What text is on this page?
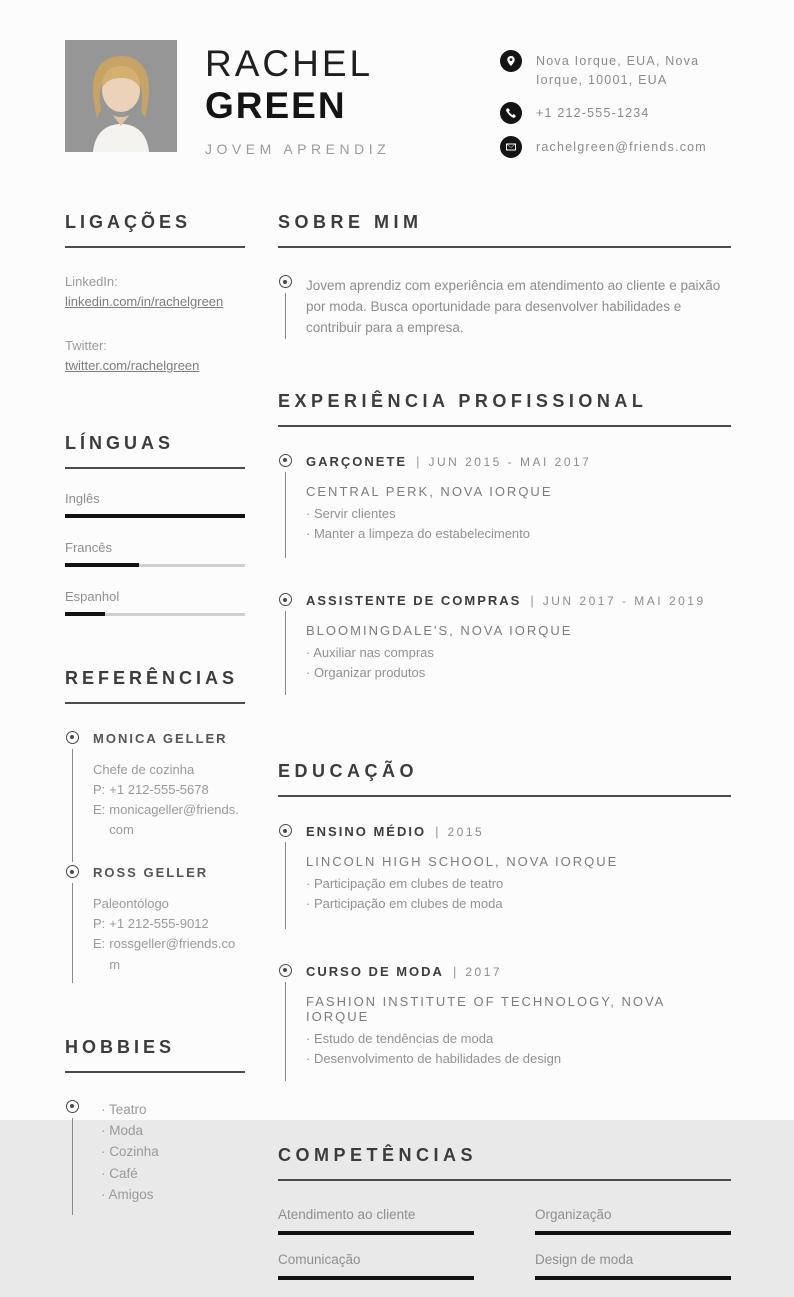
RACHEL
GREEN
JOVEM APRENDIZ
Nova Iorque, EUA, Nova Iorque, 10001, EUA
+1 212-555-1234
rachelgreen@friends.com
LIGAÇÕES
LinkedIn:
linkedin.com/in/rachelgreen
Twitter:
twitter.com/rachelgreen
LÍNGUAS
Inglês
Francês
Espanhol
REFERÊNCIAS
MONICA GELLER
Chefe de cozinha
P: +1 212-555-5678
E: monicageller@friends.com
ROSS GELLER
Paleontólogo
P: +1 212-555-9012
E: rossgeller@friends.com
HOBBIES
· Teatro
· Moda
· Cozinha
· Café
· Amigos
SOBRE MIM
Jovem aprendiz com experiência em atendimento ao cliente e paixão por moda. Busca oportunidade para desenvolver habilidades e contribuir para a empresa.
EXPERIÊNCIA PROFISSIONAL
GARÇONETE | JUN 2015 - MAI 2017
CENTRAL PERK, NOVA IORQUE
· Servir clientes
· Manter a limpeza do estabelecimento
ASSISTENTE DE COMPRAS | JUN 2017 - MAI 2019
BLOOMINGDALE'S, NOVA IORQUE
· Auxiliar nas compras
· Organizar produtos
EDUCAÇÃO
ENSINO MÉDIO | 2015
LINCOLN HIGH SCHOOL, NOVA IORQUE
· Participação em clubes de teatro
· Participação em clubes de moda
CURSO DE MODA | 2017
FASHION INSTITUTE OF TECHNOLOGY, NOVA IORQUE
· Estudo de tendências de moda
· Desenvolvimento de habilidades de design
COMPETÊNCIAS
Atendimento ao cliente	Organização
Comunicação	Design de moda
